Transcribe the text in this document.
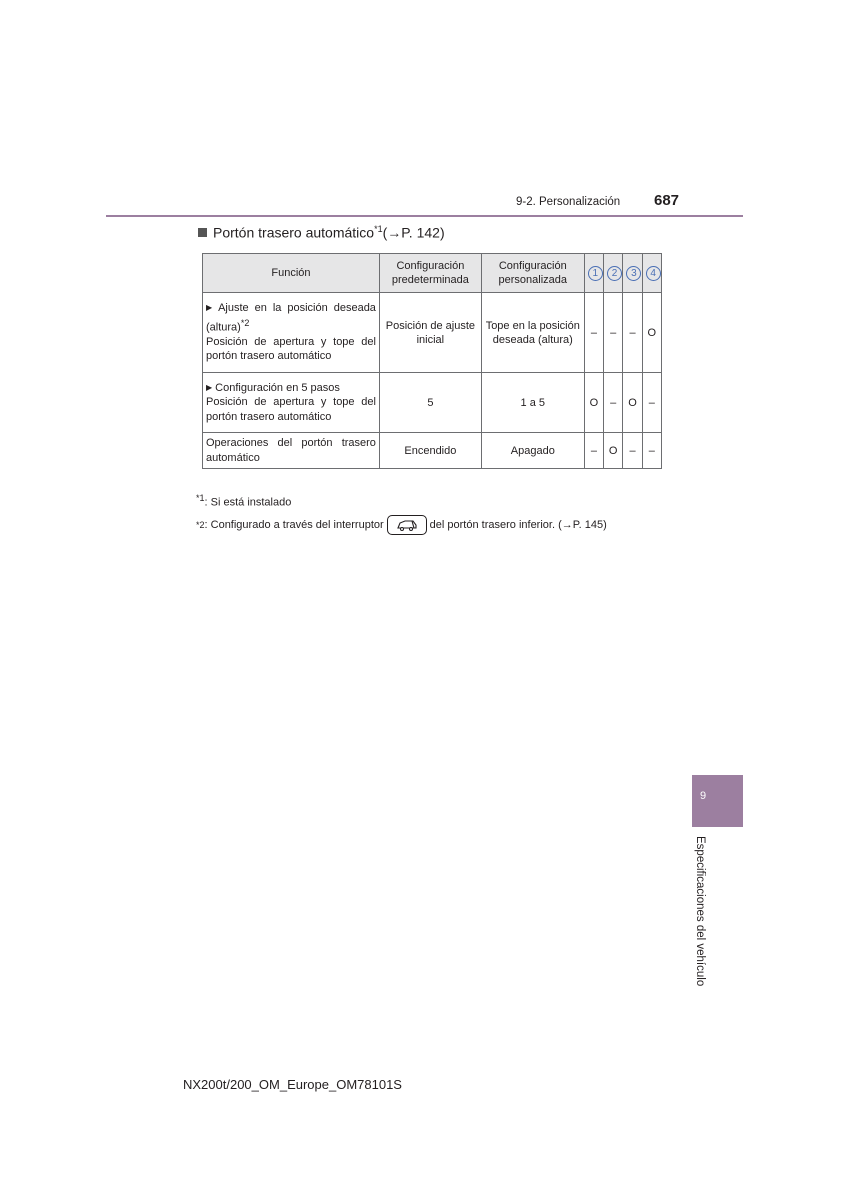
9-2. Personalización 687
Portón trasero automático$^{*1}$(→P. 142)
Función	Configuración predeterminada	Configuración personalizada	1	2	3	4
▶ Ajuste en la posición deseada (altura)$^{*2}$
Posición de apertura y tope del portón trasero automático	Posición de ajuste inicial	Tope en la posición deseada (altura)	–	–	–	O
▶ Configuración en 5 pasos
Posición de apertura y tope del portón trasero automático	5	1 a 5	O	–	O	–
Operaciones del portón trasero automático	Encendido	Apagado	–	O	–	–
$^{*1}$: Si está instalado
*2 : Configurado a través del interruptor	del portón trasero inferior. (→P. 145)
9
Especificaciones del vehículo
NX200t/200_OM_Europe_OM78101S
